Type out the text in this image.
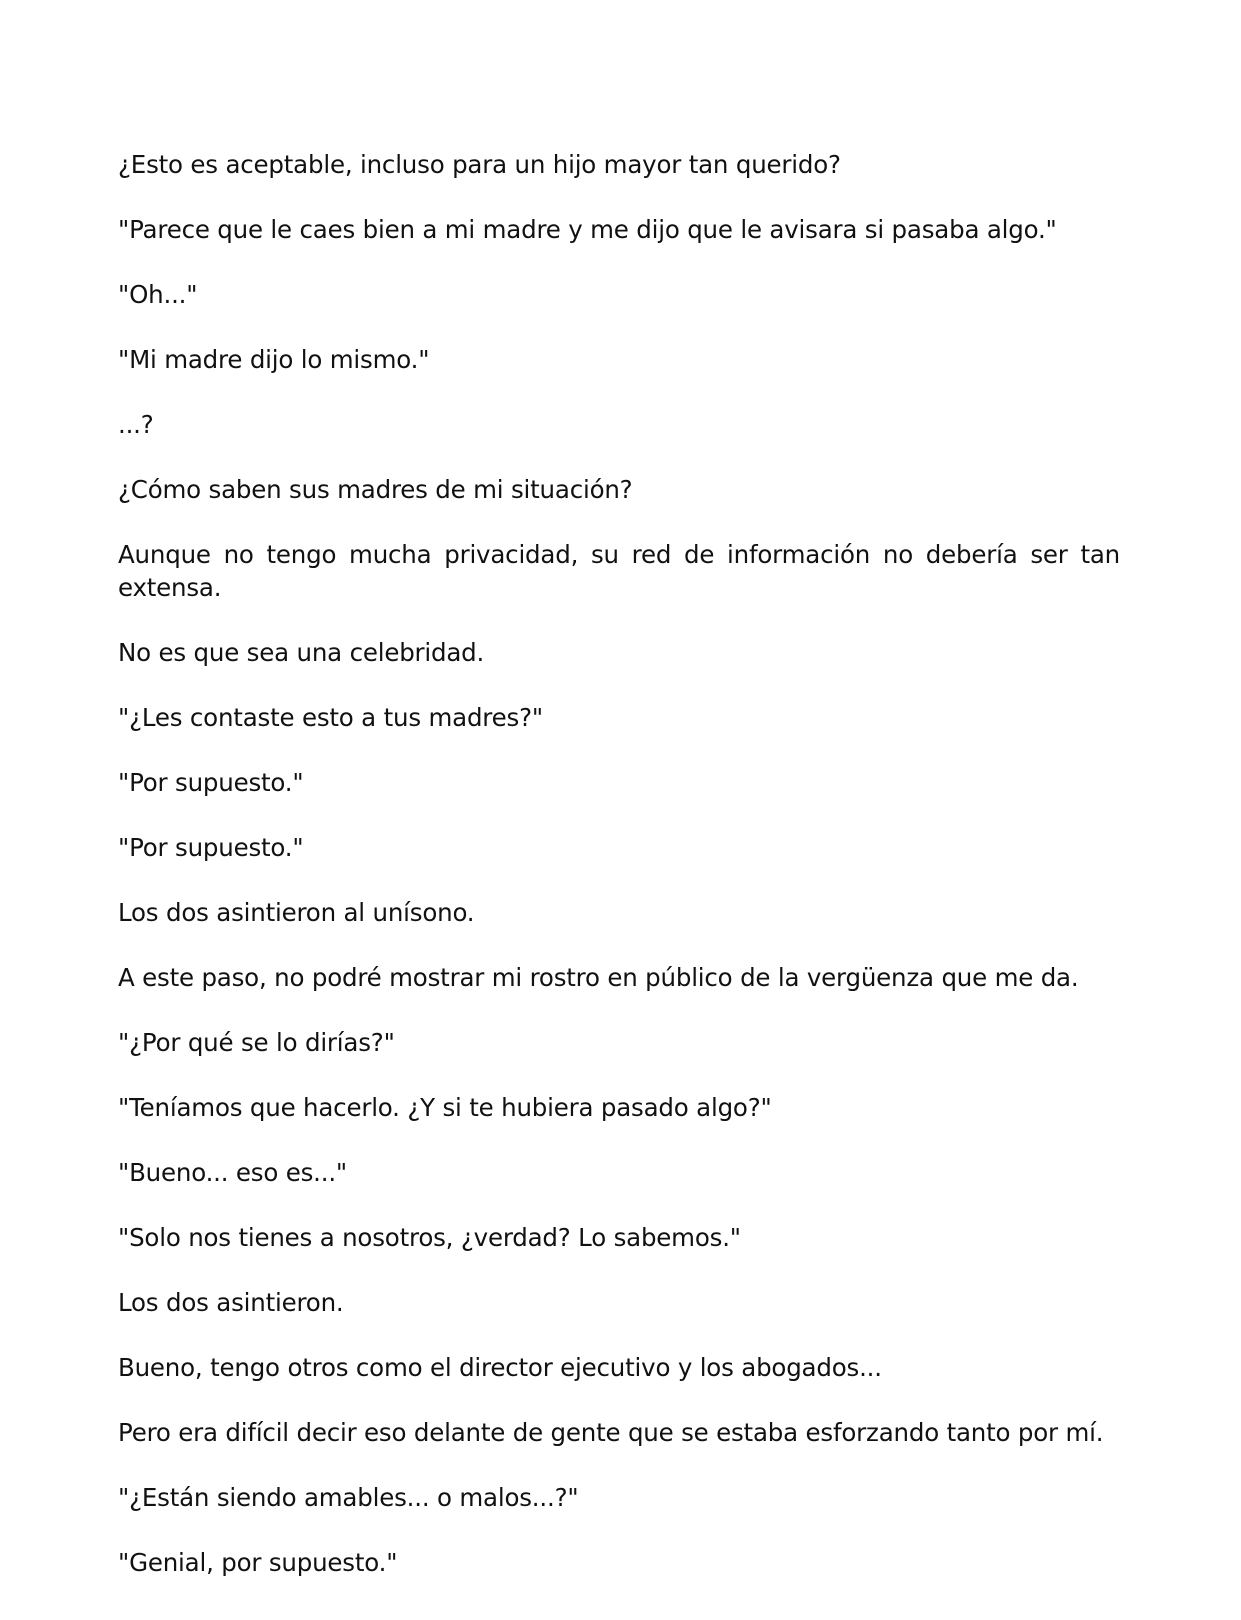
¿Esto es aceptable, incluso para un hijo mayor tan querido?

"Parece que le caes bien a mi madre y me dijo que le avisara si pasaba algo."

"Oh..."

"Mi madre dijo lo mismo."

...?

¿Cómo saben sus madres de mi situación?

Aunque no tengo mucha privacidad, su red de información no debería ser tan extensa.

No es que sea una celebridad.

"¿Les contaste esto a tus madres?"

"Por supuesto."

"Por supuesto."

Los dos asintieron al unísono.

A este paso, no podré mostrar mi rostro en público de la vergüenza que me da.

"¿Por qué se lo dirías?"

"Teníamos que hacerlo. ¿Y si te hubiera pasado algo?"

"Bueno... eso es..."

"Solo nos tienes a nosotros, ¿verdad? Lo sabemos."

Los dos asintieron.

Bueno, tengo otros como el director ejecutivo y los abogados...

Pero era difícil decir eso delante de gente que se estaba esforzando tanto por mí.

"¿Están siendo amables... o malos...?"

"Genial, por supuesto."
